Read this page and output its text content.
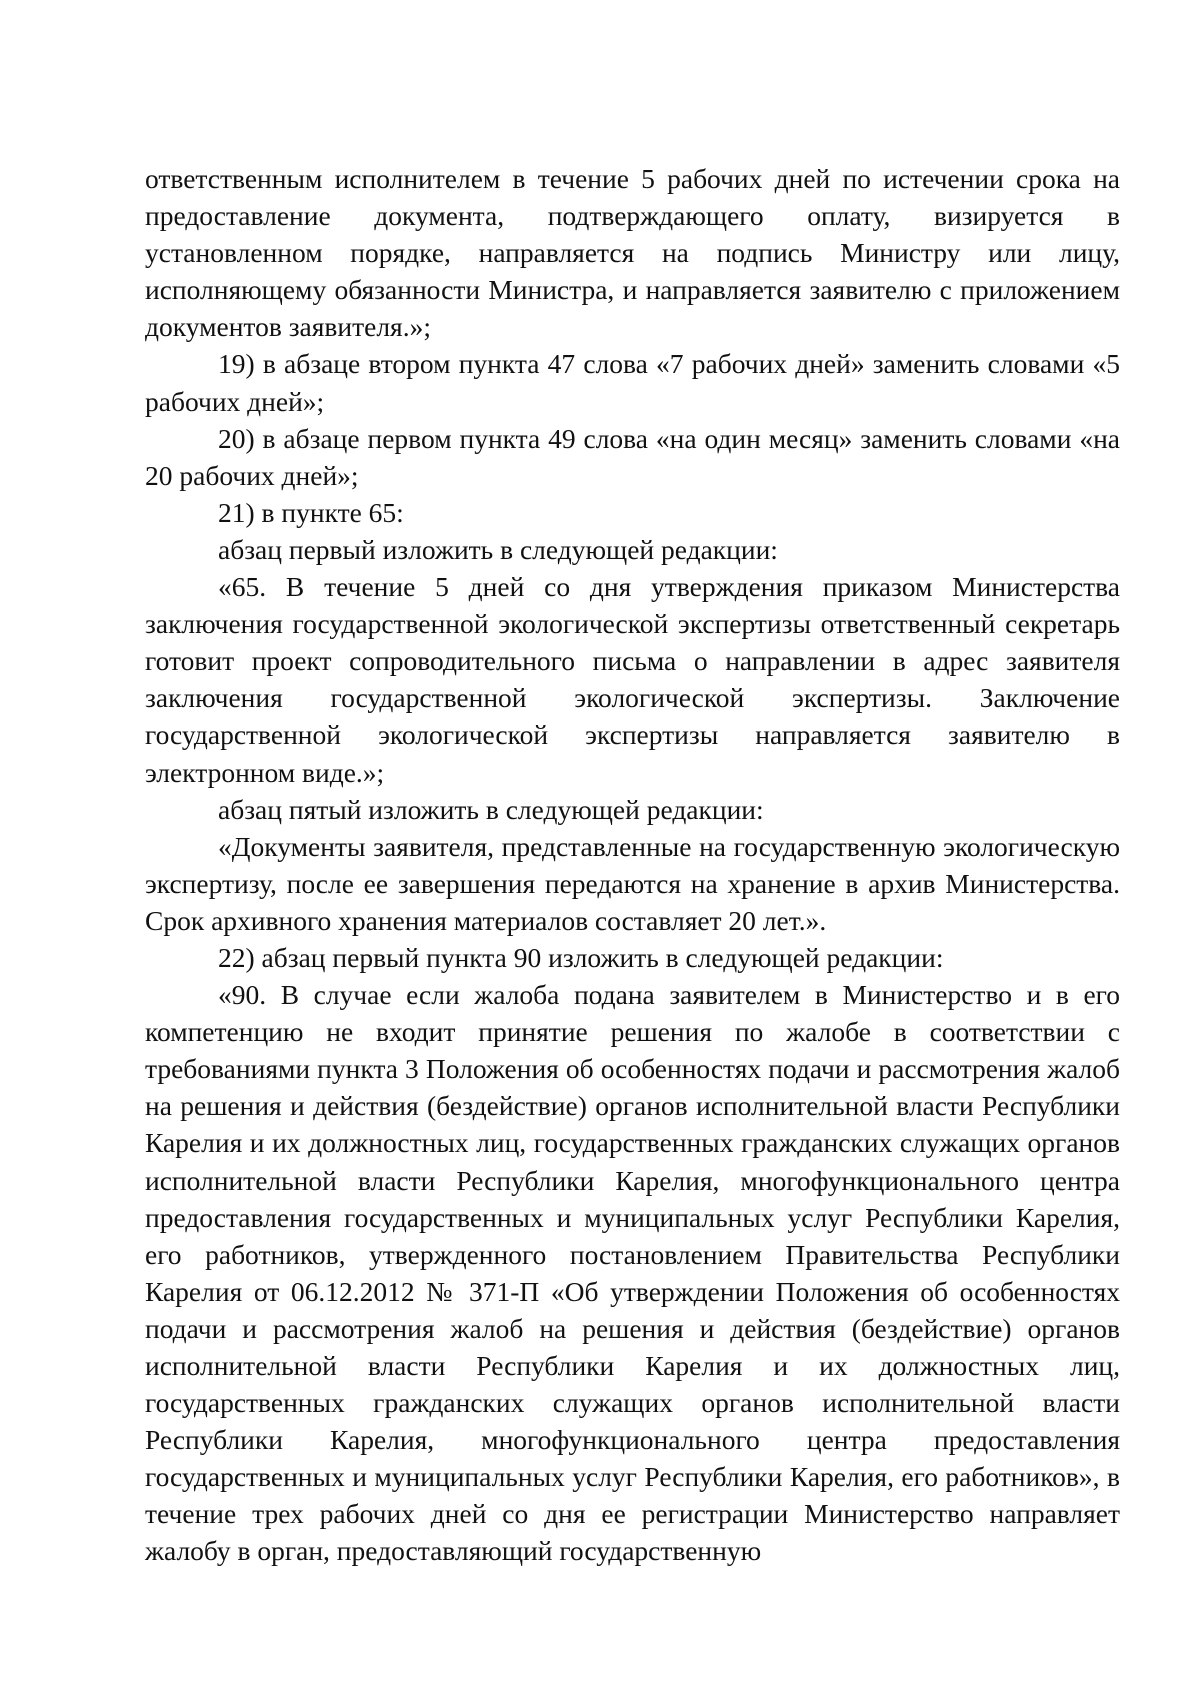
ответственным исполнителем в течение 5 рабочих дней по истечении срока на предоставление документа, подтверждающего оплату, визируется в установленном порядке, направляется на подпись Министру или лицу, исполняющему обязанности Министра, и направляется заявителю с приложением документов заявителя.»;

19) в абзаце втором пункта 47 слова «7 рабочих дней» заменить словами «5 рабочих дней»;

20) в абзаце первом пункта 49 слова «на один месяц» заменить словами «на 20 рабочих дней»;

21) в пункте 65:

абзац первый изложить в следующей редакции:

«65. В течение 5 дней со дня утверждения приказом Министерства заключения государственной экологической экспертизы ответственный секретарь готовит проект сопроводительного письма о направлении в адрес заявителя заключения государственной экологической экспертизы. Заключение государственной экологической экспертизы направляется заявителю в электронном виде.»;

абзац пятый изложить в следующей редакции:

«Документы заявителя, представленные на государственную экологическую экспертизу, после ее завершения передаются на хранение в архив Министерства. Срок архивного хранения материалов составляет 20 лет.».

22) абзац первый пункта 90 изложить в следующей редакции:

«90. В случае если жалоба подана заявителем в Министерство и в его компетенцию не входит принятие решения по жалобе в соответствии с требованиями пункта 3 Положения об особенностях подачи и рассмотрения жалоб на решения и действия (бездействие) органов исполнительной власти Республики Карелия и их должностных лиц, государственных гражданских служащих органов исполнительной власти Республики Карелия, многофункционального центра предоставления государственных и муниципальных услуг Республики Карелия, его работников, утвержденного постановлением Правительства Республики Карелия от 06.12.2012 № 371-П «Об утверждении Положения об особенностях подачи и рассмотрения жалоб на решения и действия (бездействие) органов исполнительной власти Республики Карелия и их должностных лиц, государственных гражданских служащих органов исполнительной власти Республики Карелия, многофункционального центра предоставления государственных и муниципальных услуг Республики Карелия, его работников», в течение трех рабочих дней со дня ее регистрации Министерство направляет жалобу в орган, предоставляющий государственную
